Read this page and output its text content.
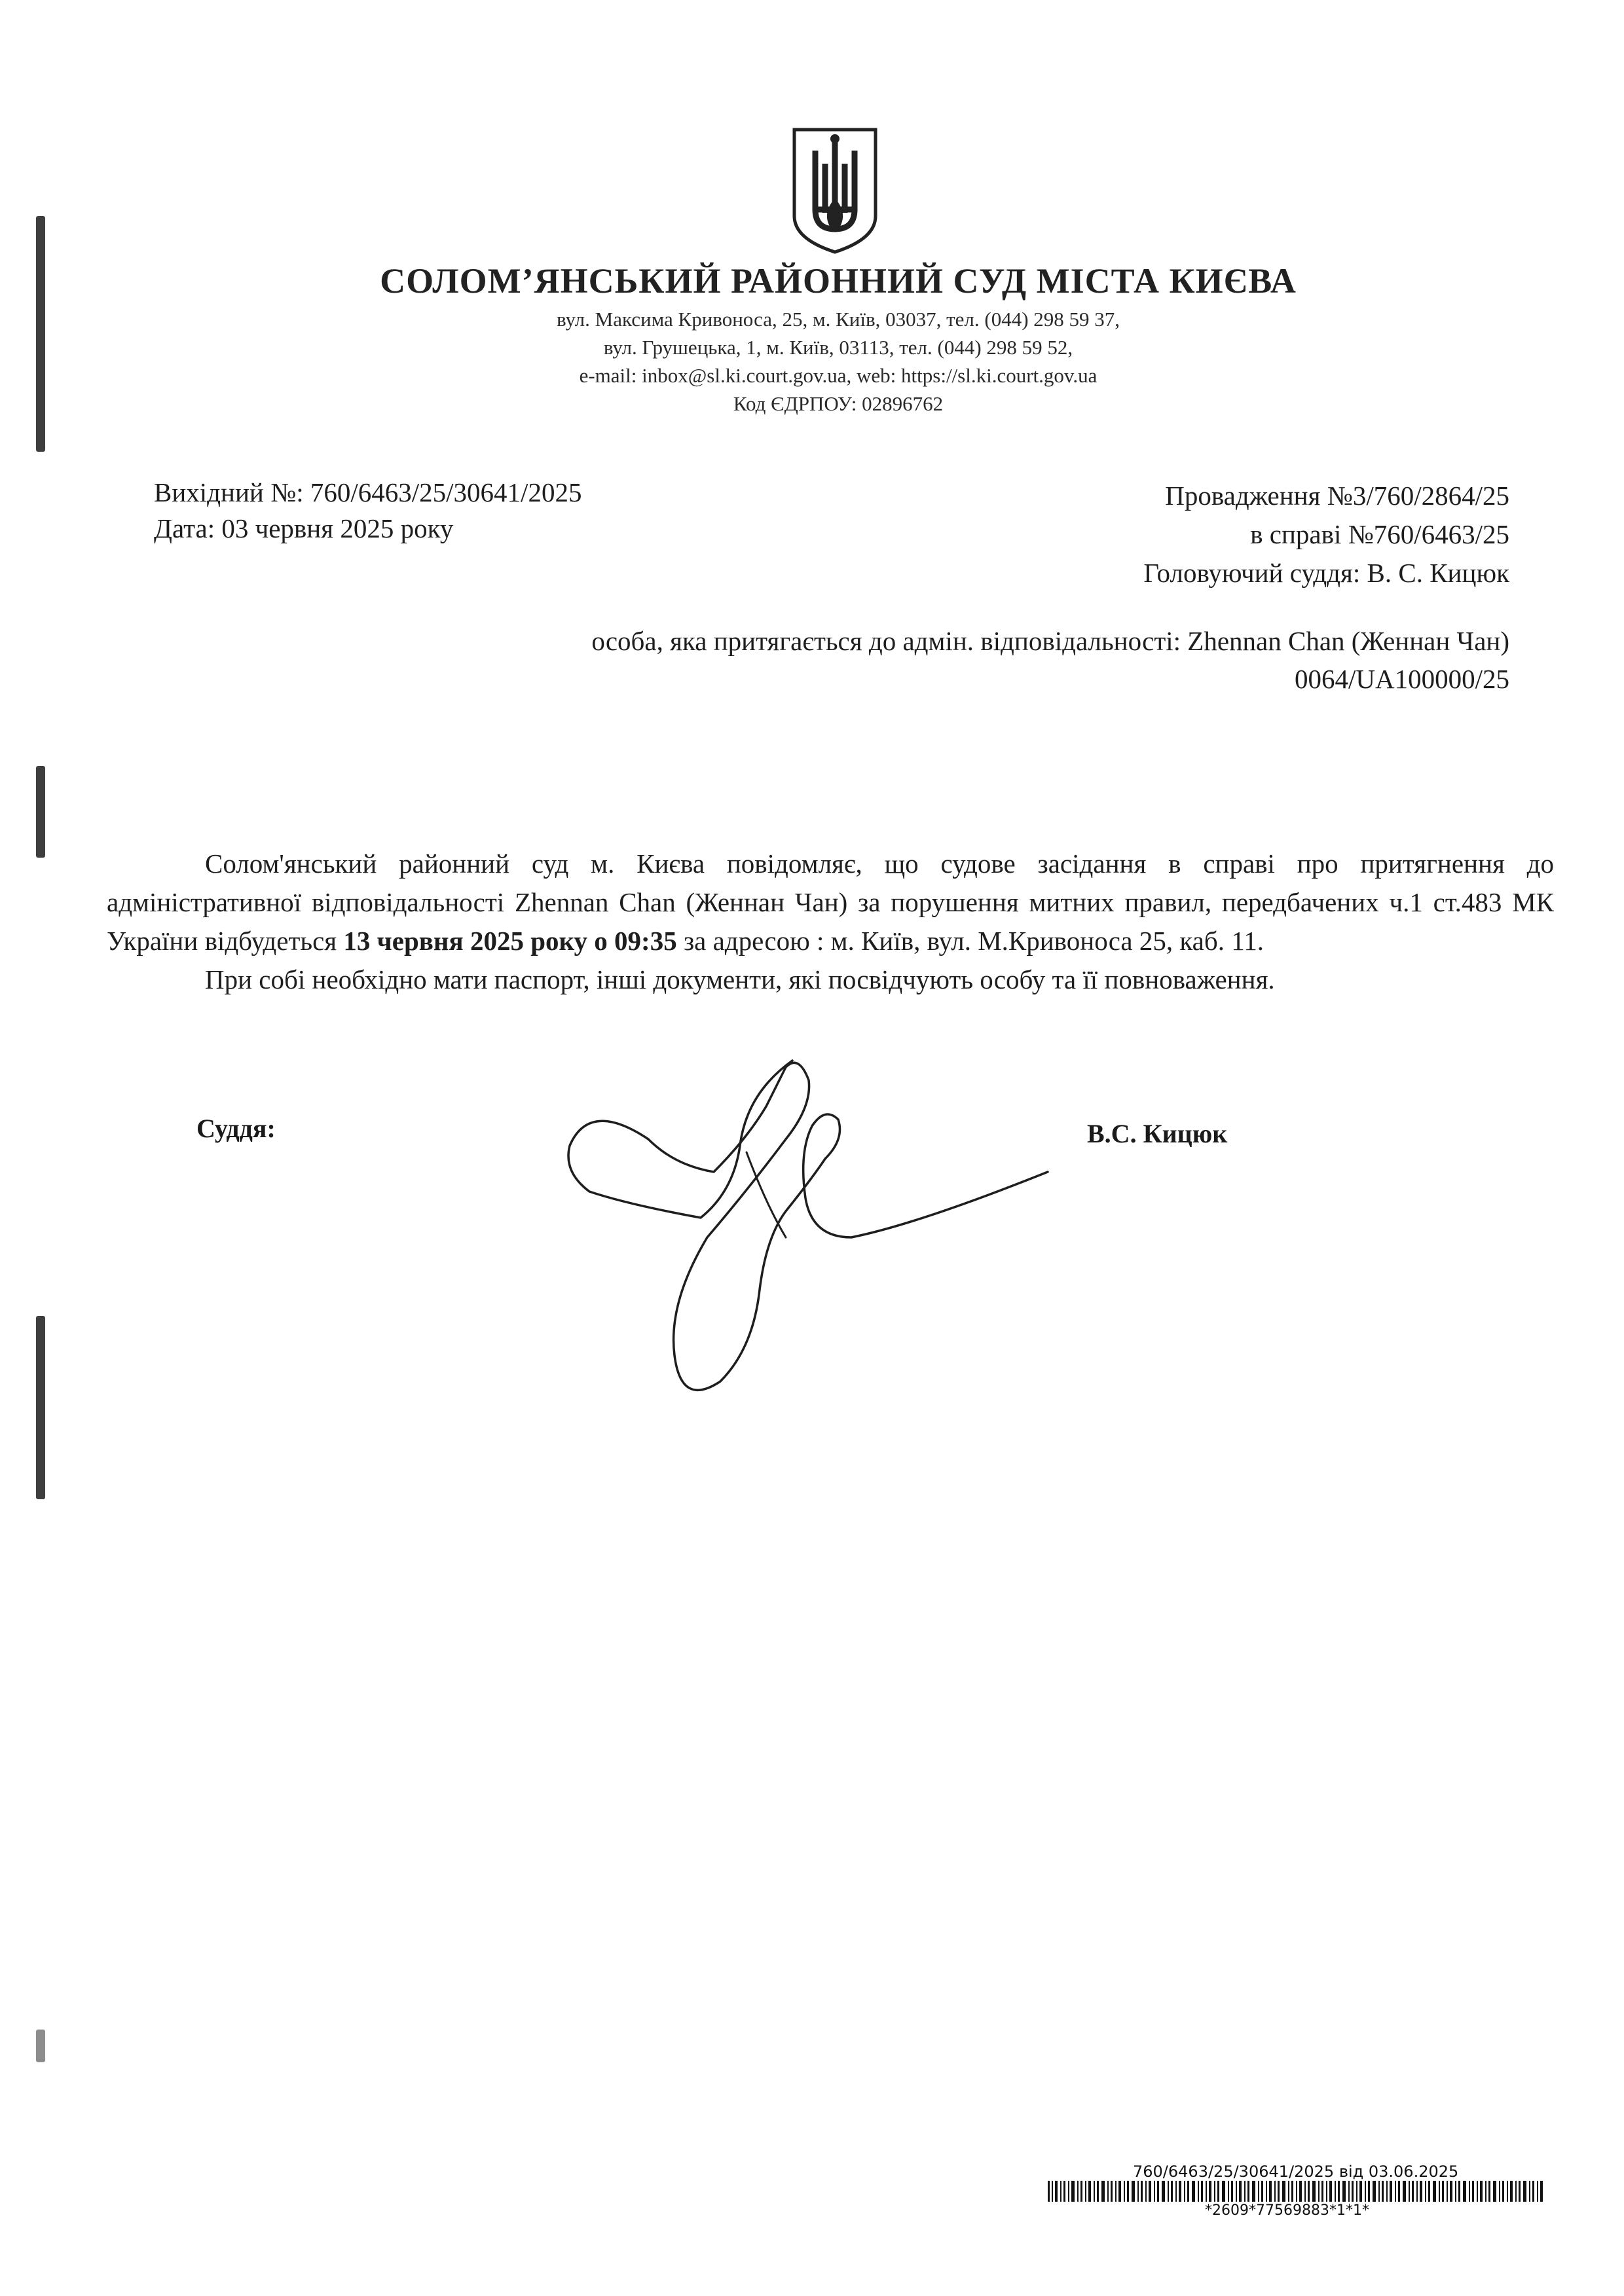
СОЛОМ’ЯНСЬКИЙ РАЙОННИЙ СУД МІСТА КИЄВА
вул. Максима Кривоноса, 25, м. Київ, 03037, тел. (044) 298 59 37,
вул. Грушецька, 1, м. Київ, 03113, тел. (044) 298 59 52,
e-mail: inbox@sl.ki.court.gov.ua, web: https://sl.ki.court.gov.ua
Код ЄДРПОУ: 02896762
Вихідний №: 760/6463/25/30641/2025
Дата: 03 червня 2025 року
Провадження №3/760/2864/25
в справі №760/6463/25
Головуючий суддя: В. С. Кицюк
особа, яка притягається до адмін. відповідальності: Zhennan Chan (Женнан Чан)
0064/UA100000/25

Солом'янський районний суд м. Києва повідомляє, що судове засідання в справі про притягнення до адміністративної відповідальності Zhennan Chan (Женнан Чан) за порушення митних правил, передбачених ч.1 ст.483 МК України відбудеться 13 червня 2025 року о 09:35 за адресою : м. Київ, вул. М.Кривоноса 25, каб. 11.

При собі необхідно мати паспорт, інші документи, які посвідчують особу та її повноваження.

Суддя:	В.С. Кицюк
760/6463/25/30641/2025 від 03.06.2025
*2609*77569883*1*1*
